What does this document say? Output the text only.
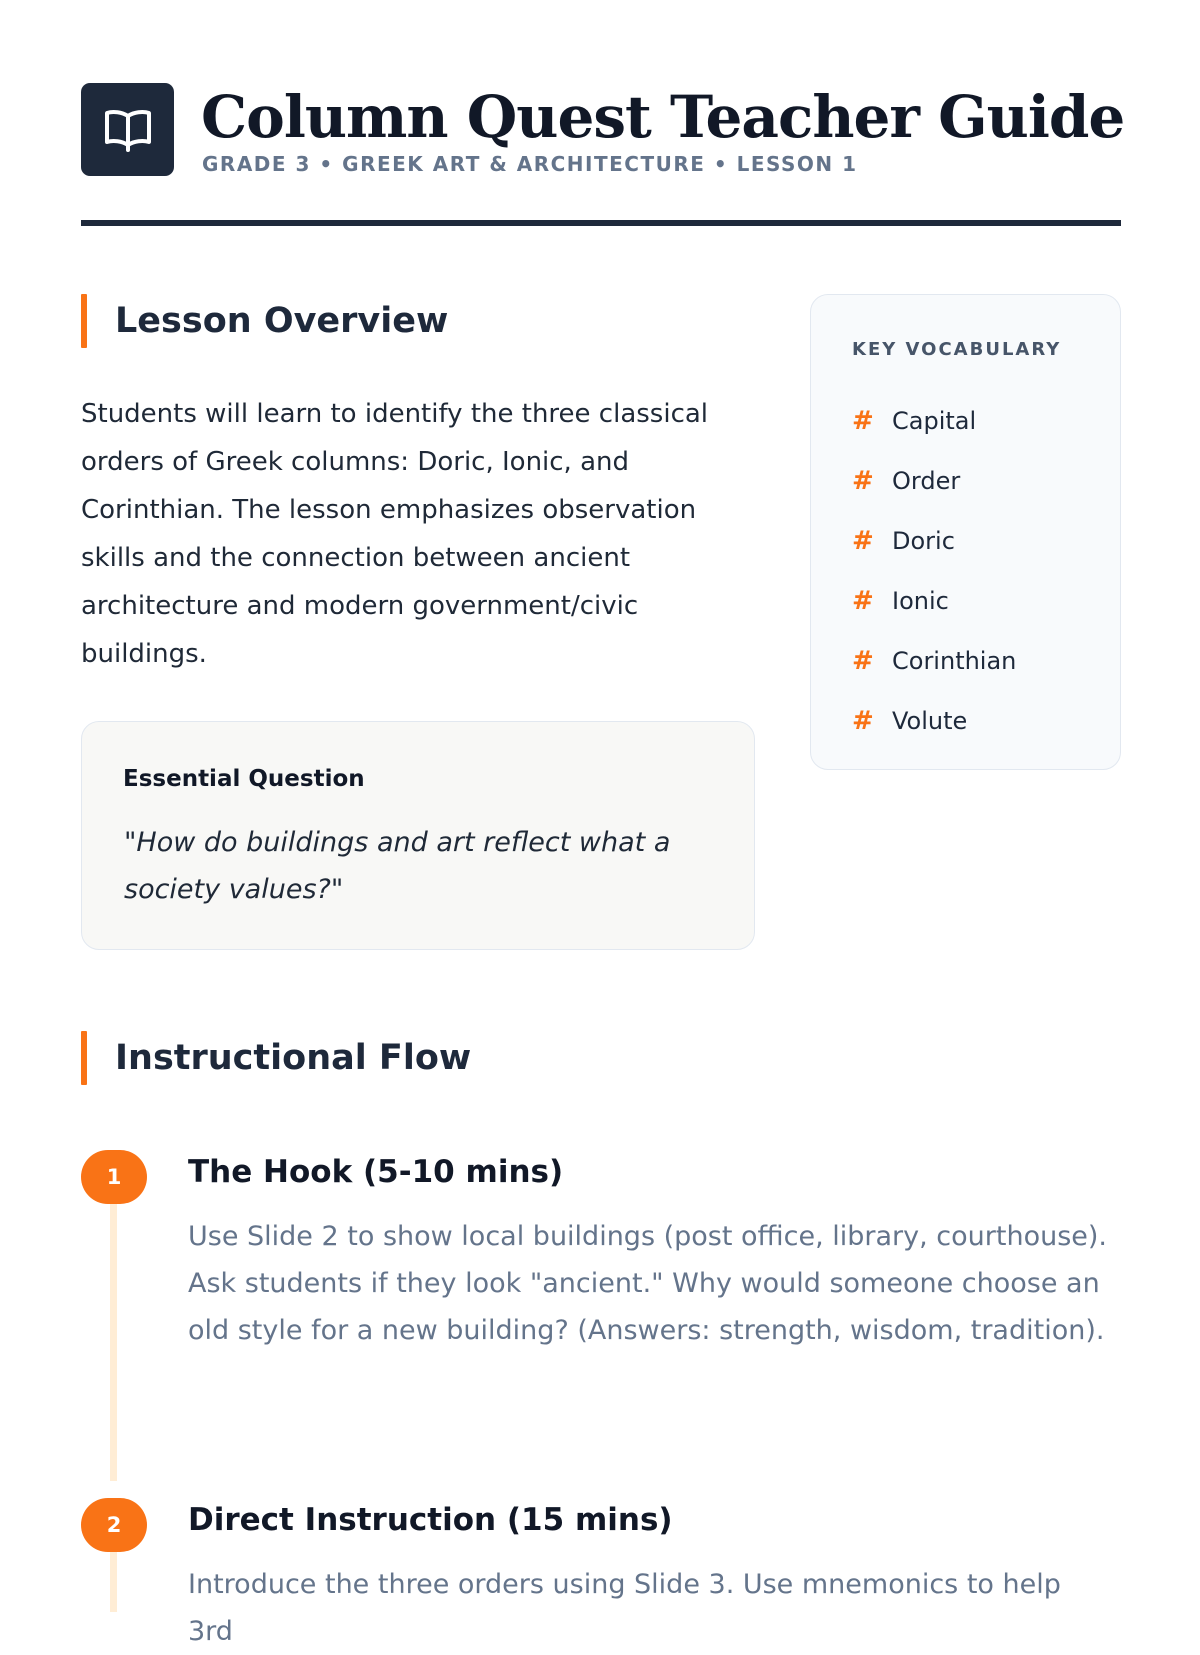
Column Quest Teacher Guide
GRADE 3 • GREEK ART & ARCHITECTURE • LESSON 1
Lesson Overview

Students will learn to identify the three classical orders of Greek columns: Doric, Ionic, and Corinthian. The lesson emphasizes observation skills and the connection between ancient architecture and modern government/civic buildings.

Essential Question
"How do buildings and art reflect what a society values?"
KEY VOCABULARY
# Capital
# Order
# Doric
# Ionic
# Corinthian
# Volute
Instructional Flow
1	The Hook (5-10 mins)
Use Slide 2 to show local buildings (post office, library, courthouse). Ask students if they look "ancient." Why would someone choose an old style for a new building? (Answers: strength, wisdom, tradition).
2	Direct Instruction (15 mins)
Introduce the three orders using Slide 3. Use mnemonics to help 3rd
